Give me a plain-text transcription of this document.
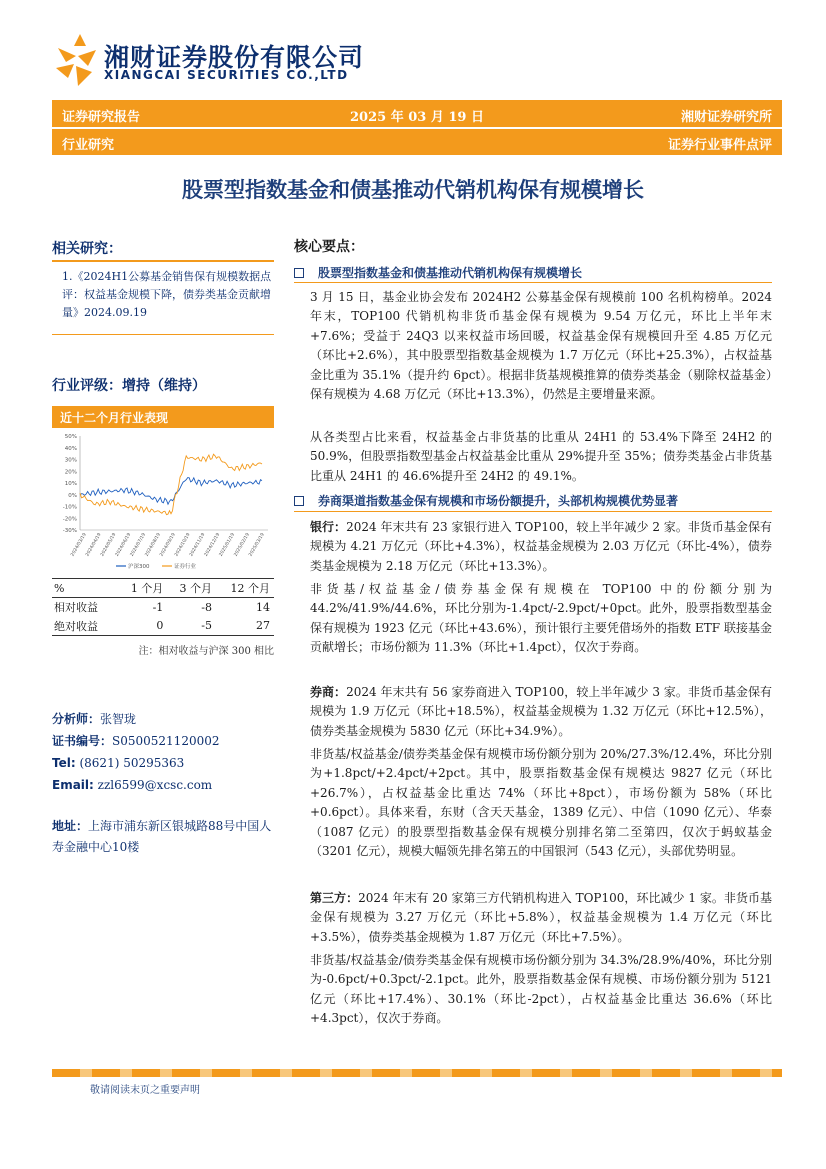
湘财证券股份有限公司
XIANGCAI SECURITIES CO.,LTD
证券研究报告	2025 年 03 月 19 日	湘财证券研究所
行业研究	证券行业事件点评
股票型指数基金和债基推动代销机构保有规模增长
相关研究：
1.《2024H1公募基金销售保有规模数据点评：权益基金规模下降，债券类基金贡献增量》2024.09.19
行业评级：增持（维持）
近十二个月行业表现
50%
40%
30%
20%
10%
0%
-10%
-20%
-30%
2024/03/19
2024/04/19
2024/05/19
2024/06/19
2024/07/19
2024/08/19
2024/09/19
2024/10/19
2024/11/19
2024/12/19
2025/01/19
2025/02/19
2025/03/19
沪深300	证券行业
%	1 个月	3 个月	12 个月
相对收益	-1	-8	14
绝对收益	0	-5	27
注：相对收益与沪深 300 相比
分析师：张智珑
证书编号：S0500521120002
Tel: (8621) 50295363
Email: zzl6599@xcsc.com
地址：上海市浦东新区银城路88号中国人寿金融中心10楼
核心要点：
股票型指数基金和债基推动代销机构保有规模增长
3 月 15 日，基金业协会发布 2024H2 公募基金保有规模前 100 名机构榜单。2024 年末，TOP100 代销机构非货币基金保有规模为 9.54 万亿元，环比上半年末+7.6%；受益于 24Q3 以来权益市场回暖，权益基金保有规模回升至 4.85 万亿元（环比+2.6%），其中股票型指数基金规模为 1.7 万亿元（环比+25.3%），占权益基金比重为 35.1%（提升约 6pct）。根据非货基规模推算的债券类基金（剔除权益基金）保有规模为 4.68 万亿元（环比+13.3%），仍然是主要增量来源。
从各类型占比来看，权益基金占非货基的比重从 24H1 的 53.4%下降至 24H2 的 50.9%，但股票指数型基金占权益基金比重从 29%提升至 35%；债券类基金占非货基比重从 24H1 的 46.6%提升至 24H2 的 49.1%。
券商渠道指数基金保有规模和市场份额提升，头部机构规模优势显著
银行：2024 年末共有 23 家银行进入 TOP100，较上半年减少 2 家。非货币基金保有规模为 4.21 万亿元（环比+4.3%），权益基金规模为 2.03 万亿元（环比-4%），债券类基金规模为 2.18 万亿元（环比+13.3%）。
非货基/权益基金/债券基金保有规模在 TOP100 中的份额分别为 44.2%/41.9%/44.6%，环比分别为-1.4pct/-2.9pct/+0pct。此外，股票指数型基金保有规模为 1923 亿元（环比+43.6%），预计银行主要凭借场外的指数 ETF 联接基金贡献增长；市场份额为 11.3%（环比+1.4pct），仅次于券商。
券商：2024 年末共有 56 家券商进入 TOP100，较上半年减少 3 家。非货币基金保有规模为 1.9 万亿元（环比+18.5%），权益基金规模为 1.32 万亿元（环比+12.5%），债券类基金规模为 5830 亿元（环比+34.9%）。
非货基/权益基金/债券类基金保有规模市场份额分别为 20%/27.3%/12.4%，环比分别为+1.8pct/+2.4pct/+2pct。其中，股票指数基金保有规模达 9827 亿元（环比+26.7%），占权益基金比重达 74%（环比+8pct），市场份额为 58%（环比+0.6pct）。具体来看，东财（含天天基金，1389 亿元）、中信（1090 亿元）、华泰（1087 亿元）的股票型指数基金保有规模分别排名第二至第四，仅次于蚂蚁基金（3201 亿元），规模大幅领先排名第五的中国银河（543 亿元），头部优势明显。
第三方：2024 年末有 20 家第三方代销机构进入 TOP100，环比减少 1 家。非货币基金保有规模为 3.27 万亿元（环比+5.8%），权益基金规模为 1.4 万亿元（环比+3.5%），债券类基金规模为 1.87 万亿元（环比+7.5%）。
非货基/权益基金/债券类基金保有规模市场份额分别为 34.3%/28.9%/40%，环比分别为-0.6pct/+0.3pct/-2.1pct。此外，股票指数基金保有规模、市场份额分别为 5121 亿元（环比+17.4%）、30.1%（环比-2pct），占权益基金比重达 36.6%（环比+4.3pct），仅次于券商。
敬请阅读末页之重要声明
